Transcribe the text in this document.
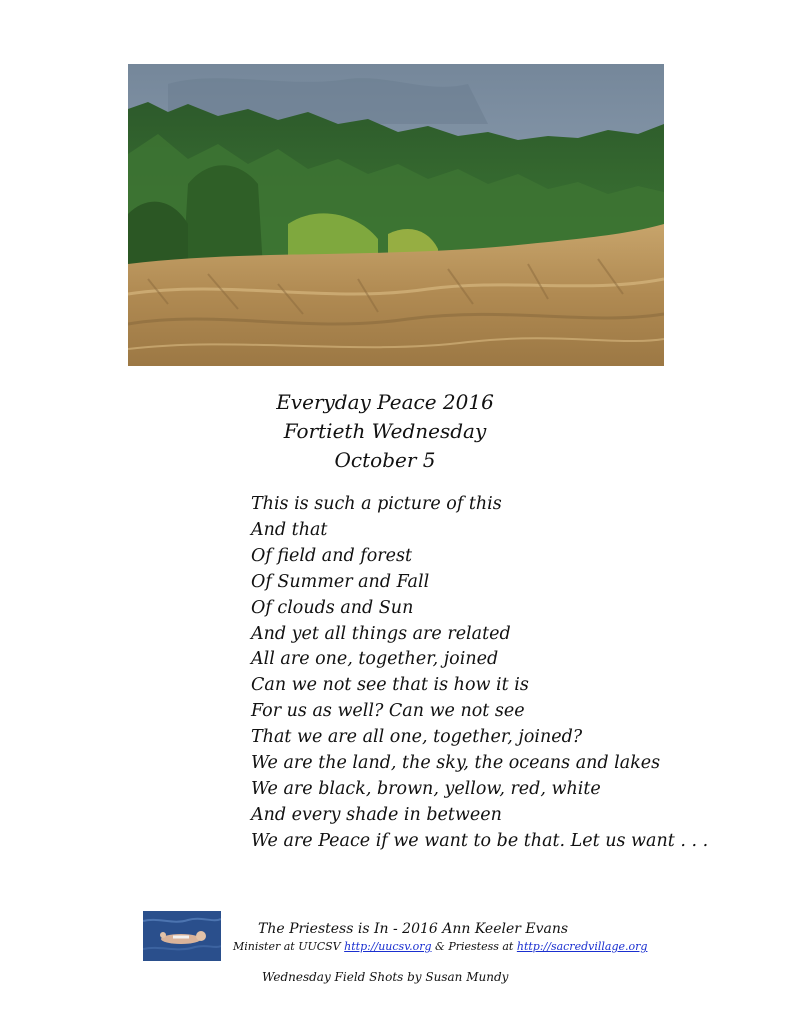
Everyday Peace 2016
Fortieth Wednesday
October 5
This is such a picture of this
And that
Of field and forest
Of Summer and Fall
Of clouds and Sun
And yet all things are related
All are one, together, joined
Can we not see that is how it is
For us as well? Can we not see
That we are all one, together, joined?
We are the land, the sky, the oceans and lakes
We are black, brown, yellow, red, white
And every shade in between
We are Peace if we want to be that. Let us want . . .
The Priestess is In - 2016 Ann Keeler Evans
Minister at UUCSV http://uucsv.org & Priestess at http://sacredvillage.org
Wednesday Field Shots by Susan Mundy
